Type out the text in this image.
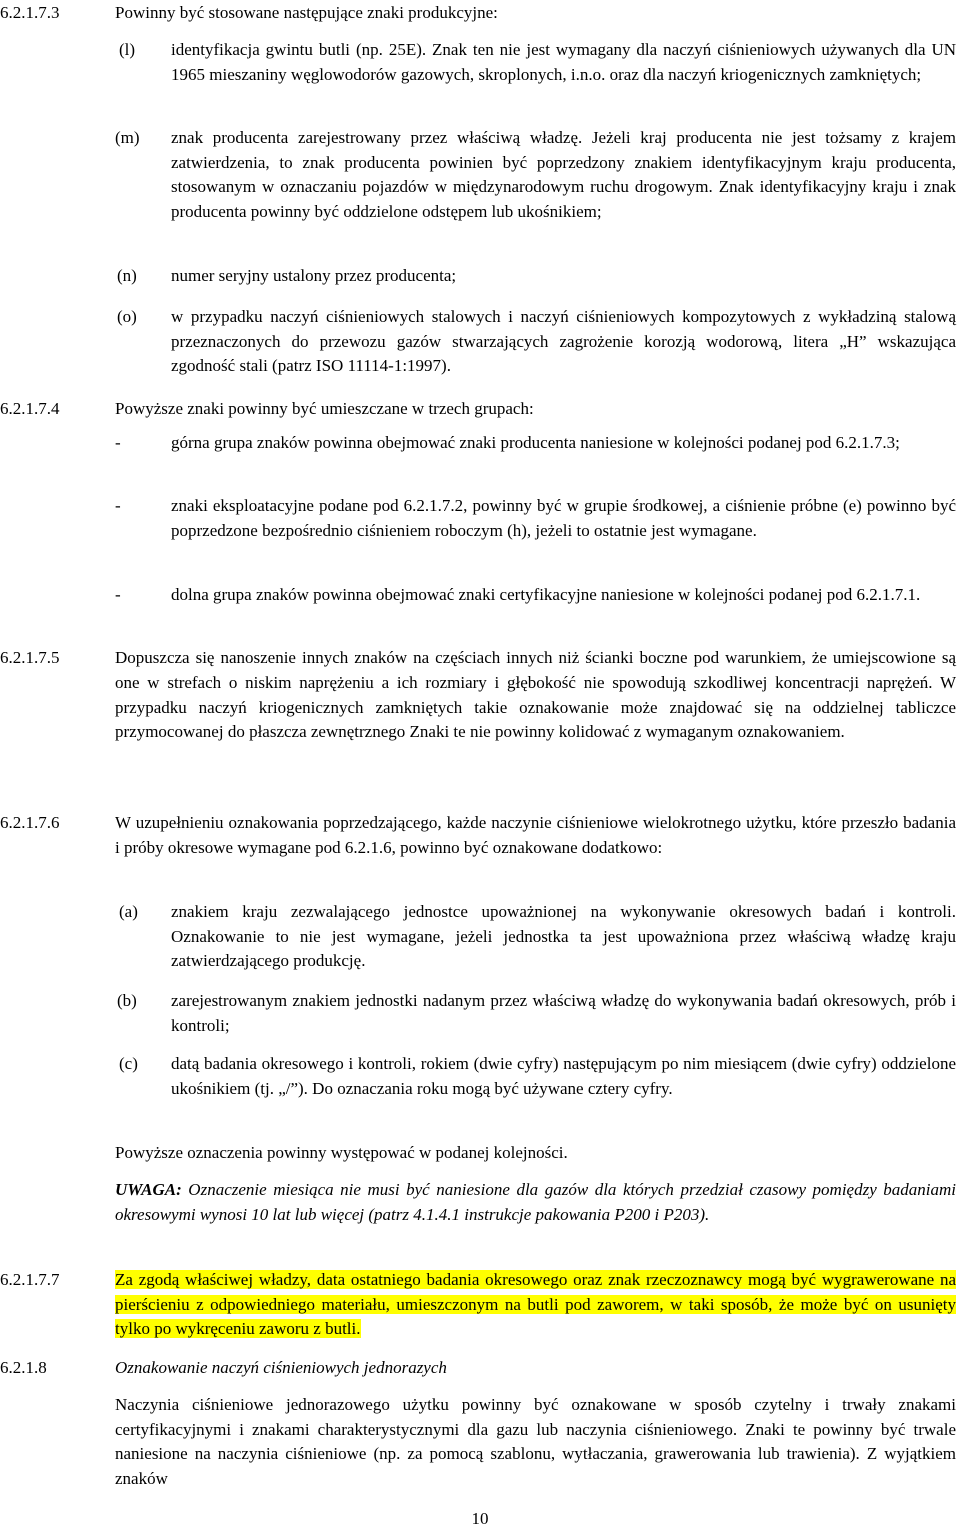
6.2.1.7.3	Powinny być stosowane następujące znaki produkcyjne:
(l) identyfikacja gwintu butli (np. 25E). Znak ten nie jest wymagany dla naczyń ciśnieniowych używanych dla UN 1965 mieszaniny węglowodorów gazowych, skroplonych, i.n.o. oraz dla naczyń kriogenicznych zamkniętych;
(m) znak producenta zarejestrowany przez właściwą władzę. Jeżeli kraj producenta nie jest tożsamy z krajem zatwierdzenia, to znak producenta powinien być poprzedzony znakiem identyfikacyjnym kraju producenta, stosowanym w oznaczaniu pojazdów w międzynarodowym ruchu drogowym. Znak identyfikacyjny kraju i znak producenta powinny być oddzielone odstępem lub ukośnikiem;
(n) numer seryjny ustalony przez producenta;
(o) w przypadku naczyń ciśnieniowych stalowych i naczyń ciśnieniowych kompozytowych z wykładziną stalową przeznaczonych do przewozu gazów stwarzających zagrożenie korozją wodorową, litera „H” wskazująca zgodność stali (patrz ISO 11114-1:1997).
6.2.1.7.4	Powyższe znaki powinny być umieszczane w trzech grupach:
-	górna grupa znaków powinna obejmować znaki producenta naniesione w kolejności podanej pod 6.2.1.7.3;
-	znaki eksploatacyjne podane pod 6.2.1.7.2, powinny być w grupie środkowej, a ciśnienie próbne (e) powinno być poprzedzone bezpośrednio ciśnieniem roboczym (h), jeżeli to ostatnie jest wymagane.
-	dolna grupa znaków powinna obejmować znaki certyfikacyjne naniesione w kolejności podanej pod 6.2.1.7.1.
6.2.1.7.5	Dopuszcza się nanoszenie innych znaków na częściach innych niż ścianki boczne pod warunkiem, że umiejscowione są one w strefach o niskim naprężeniu a ich rozmiary i głębokość nie spowodują szkodliwej koncentracji naprężeń. W przypadku naczyń kriogenicznych zamkniętych takie oznakowanie może znajdować się na oddzielnej tabliczce przymocowanej do płaszcza zewnętrznego Znaki te nie powinny kolidować z wymaganym oznakowaniem.
6.2.1.7.6	W uzupełnieniu oznakowania poprzedzającego, każde naczynie ciśnieniowe wielokrotnego użytku, które przeszło badania i próby okresowe wymagane pod 6.2.1.6, powinno być oznakowane dodatkowo:
(a) znakiem kraju zezwalającego jednostce upoważnionej na wykonywanie okresowych badań i kontroli. Oznakowanie to nie jest wymagane, jeżeli jednostka ta jest upoważniona przez właściwą władzę kraju zatwierdzającego produkcję.
(b) zarejestrowanym znakiem jednostki nadanym przez właściwą władzę do wykonywania badań okresowych, prób i kontroli;
(c) datą badania okresowego i kontroli, rokiem (dwie cyfry) następującym po nim miesiącem (dwie cyfry) oddzielone ukośnikiem (tj. „/”). Do oznaczania roku mogą być używane cztery cyfry.
Powyższe oznaczenia powinny występować w podanej kolejności.
UWAGA: Oznaczenie miesiąca nie musi być naniesione dla gazów dla których przedział czasowy pomiędzy badaniami okresowymi wynosi 10 lat lub więcej (patrz 4.1.4.1 instrukcje pakowania P200 i P203).
6.2.1.7.7	Za zgodą właściwej władzy, data ostatniego badania okresowego oraz znak rzeczoznawcy mogą być wygrawerowane na pierścieniu z odpowiedniego materiału, umieszczonym na butli pod zaworem, w taki sposób, że może być on usunięty tylko po wykręceniu zaworu z butli.
6.2.1.8	Oznakowanie naczyń ciśnieniowych jednorazych
Naczynia ciśnieniowe jednorazowego użytku powinny być oznakowane w sposób czytelny i trwały znakami certyfikacyjnymi i znakami charakterystycznymi dla gazu lub naczynia ciśnieniowego. Znaki te powinny być trwale naniesione na naczynia ciśnieniowe (np. za pomocą szablonu, wytłaczania, grawerowania lub trawienia). Z wyjątkiem znaków
10
